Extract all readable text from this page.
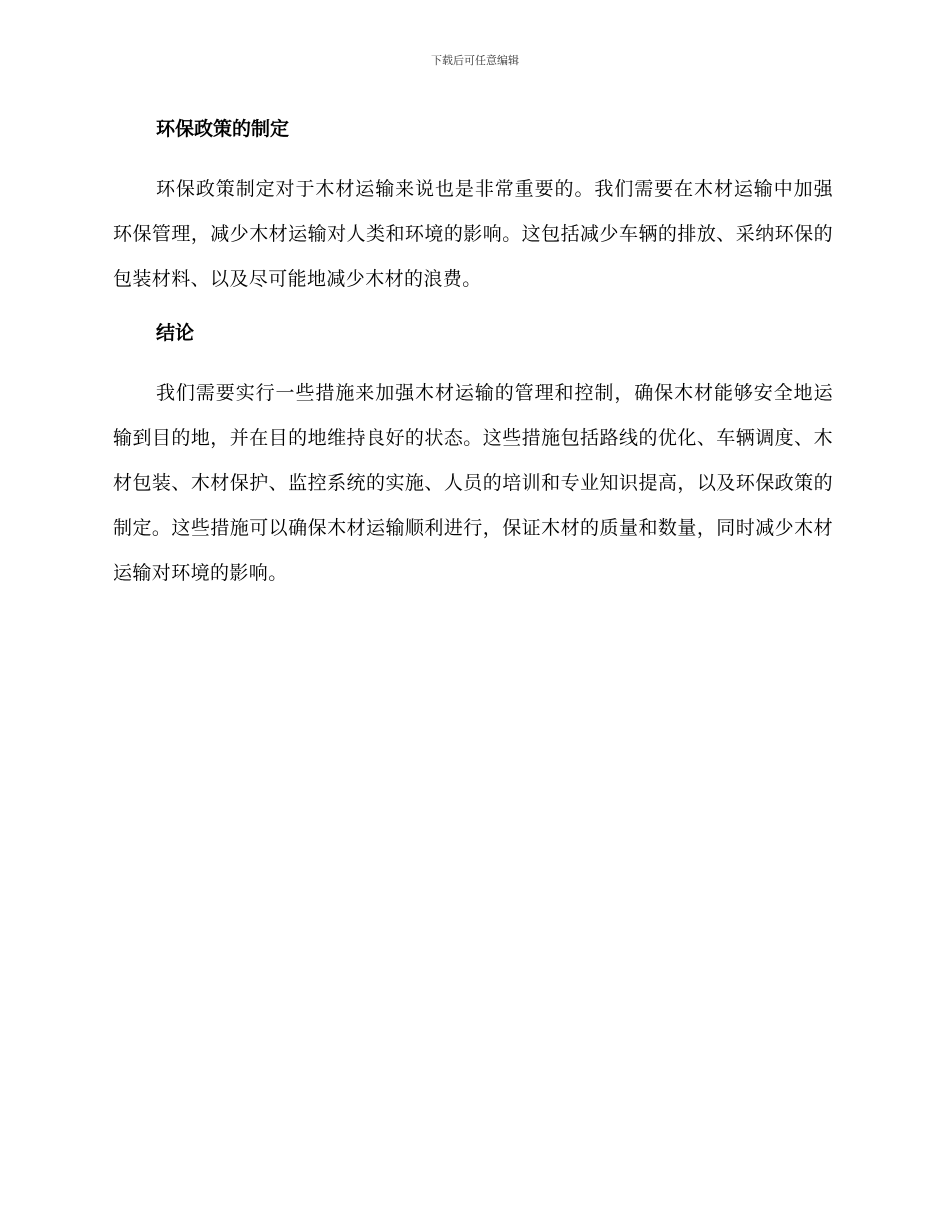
下载后可任意编辑
环保政策的制定

环保政策制定对于木材运输来说也是非常重要的。我们需要在木材运输中加强环保管理，减少木材运输对人类和环境的影响。这包括减少车辆的排放、采纳环保的包装材料、以及尽可能地减少木材的浪费。

结论

我们需要实行一些措施来加强木材运输的管理和控制，确保木材能够安全地运输到目的地，并在目的地维持良好的状态。这些措施包括路线的优化、车辆调度、木材包装、木材保护、监控系统的实施、人员的培训和专业知识提高，以及环保政策的制定。这些措施可以确保木材运输顺利进行，保证木材的质量和数量，同时减少木材运输对环境的影响。
